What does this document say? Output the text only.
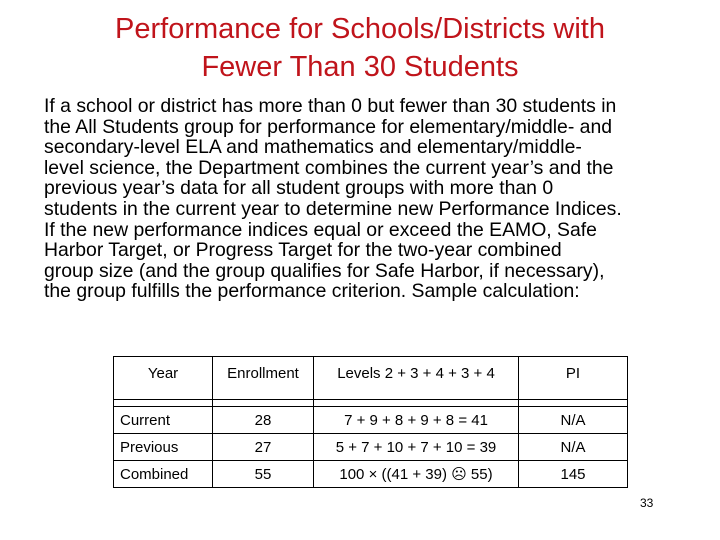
Performance for Schools/Districts with
Fewer Than 30 Students
If a school or district has more than 0 but fewer than 30 students in
the All Students group for performance for elementary/middle- and
secondary-level ELA and mathematics and elementary/middle-
level science, the Department combines the current year’s and the
previous year’s data for all student groups with more than 0
students in the current year to determine new Performance Indices.
If the new performance indices equal or exceed the EAMO, Safe
Harbor Target, or Progress Target for the two-year combined
group size (and the group qualifies for Safe Harbor, if necessary),
the group fulfills the performance criterion. Sample calculation:
Year	Enrollment	Levels 2 + 3 + 4 + 3 + 4	PI

Current	28	7 + 9 + 8 + 9 + 8 = 41	N/A
Previous	27	5 + 7 + 10 + 7 + 10 = 39	N/A
Combined	55	100 × ((41 + 39) ☹ 55)	145
33
